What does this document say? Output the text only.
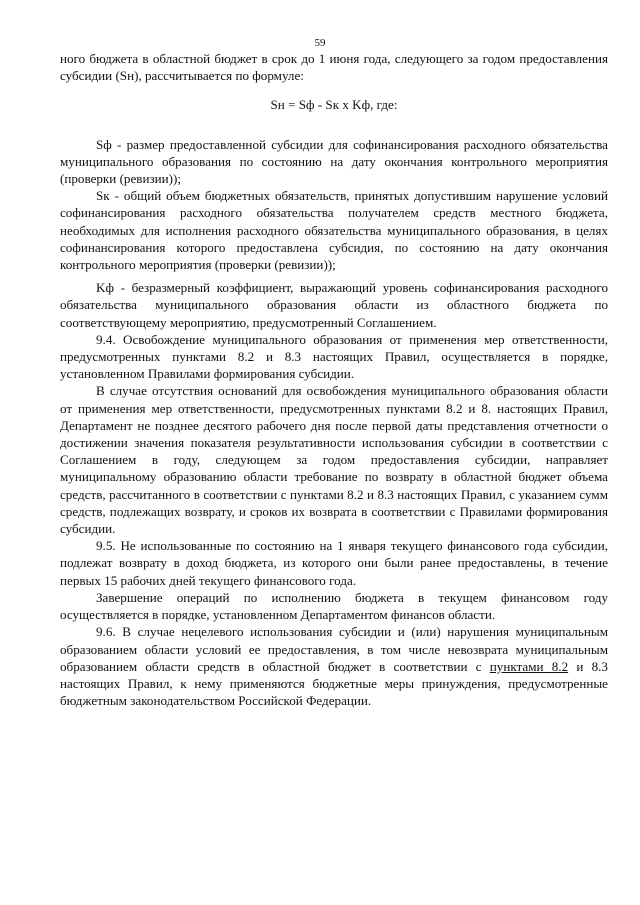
59

ного бюджета в областной бюджет в срок до 1 июня года, следующего за годом предоставления субсидии (Sн), рассчитывается по формуле:

Sн = Sф - Sк x Kф, где:

Sф - размер предоставленной субсидии для софинансирования расходного обязательства муниципального образования по состоянию на дату окончания контрольного мероприятия (проверки (ревизии));

Sк - общий объем бюджетных обязательств, принятых допустившим нарушение условий софинансирования расходного обязательства получателем средств местного бюджета, необходимых для исполнения расходного обязательства муниципального образования, в целях софинансирования которого предоставлена субсидия, по состоянию на дату окончания контрольного мероприятия (проверки (ревизии));

Kф - безразмерный коэффициент, выражающий уровень софинансирования расходного обязательства муниципального образования области из областного бюджета по соответствующему мероприятию, предусмотренный Соглашением.

9.4. Освобождение муниципального образования от применения мер ответственности, предусмотренных пунктами 8.2 и 8.3 настоящих Правил, осуществляется в порядке, установленном Правилами формирования субсидии.

В случае отсутствия оснований для освобождения муниципального образования области от применения мер ответственности, предусмотренных пунктами 8.2 и 8. настоящих Правил, Департамент не позднее десятого рабочего дня после первой даты представления отчетности о достижении значения показателя результативности использования субсидии в соответствии с Соглашением в году, следующем за годом предоставления субсидии, направляет муниципальному образованию области требование по возврату в областной бюджет объема средств, рассчитанного в соответствии с пунктами 8.2 и 8.3 настоящих Правил, с указанием сумм средств, подлежащих возврату, и сроков их возврата в соответствии с Правилами формирования субсидии.

9.5. Не использованные по состоянию на 1 января текущего финансового года субсидии, подлежат возврату в доход бюджета, из которого они были ранее предоставлены, в течение первых 15 рабочих дней текущего финансового года.

Завершение операций по исполнению бюджета в текущем финансовом году осуществляется в порядке, установленном Департаментом финансов области.

9.6. В случае нецелевого использования субсидии и (или) нарушения муниципальным образованием области условий ее предоставления, в том числе невозврата муниципальным образованием области средств в областной бюджет в соответствии с пунктами 8.2 и 8.3 настоящих Правил, к нему применяются бюджетные меры принуждения, предусмотренные бюджетным законодательством Российской Федерации.
